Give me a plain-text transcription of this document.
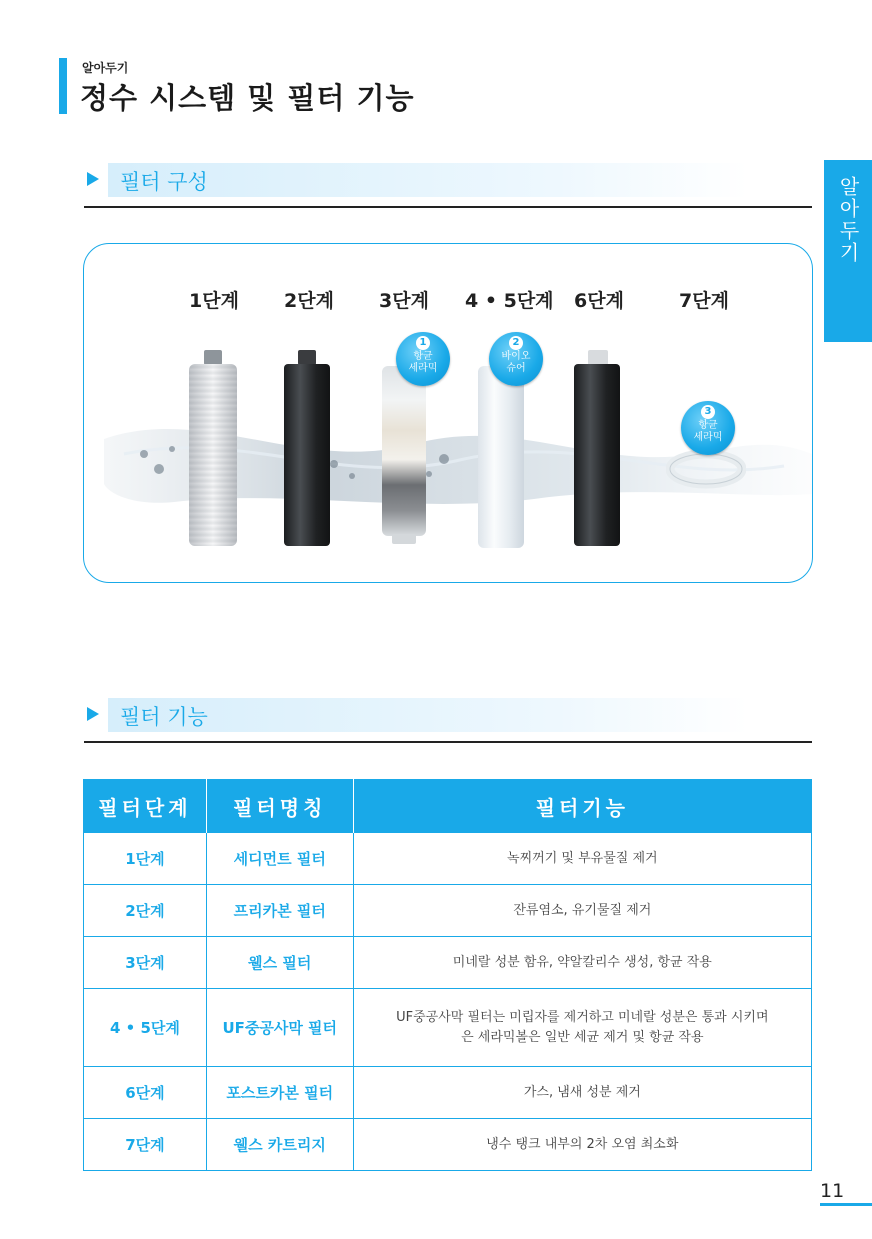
알아두기
정수 시스템 및 필터 기능
알아두기
필터 구성
1단계 2단계 3단계 4 • 5단계 6단계	7단계
1
항균
세라믹
2
바이오
슈어
3
항균
세라믹
필터 기능
필터단계	필터명칭	필터기능
1단계	세디먼트 필터	녹찌꺼기 및 부유물질 제거
2단계	프리카본 필터	잔류염소, 유기물질 제거
3단계	웰스 필터	미네랄 성분 함유, 약알칼리수 생성, 항균 작용
4 • 5단계	UF중공사막 필터	UF중공사막 필터는 미립자를 제거하고 미네랄 성분은 통과 시키며
은 세라믹볼은 일반 세균 제거 및 항균 작용
6단계	포스트카본 필터	가스, 냄새 성분 제거
7단계	웰스 카트리지	냉수 탱크 내부의 2차 오염 최소화
11
